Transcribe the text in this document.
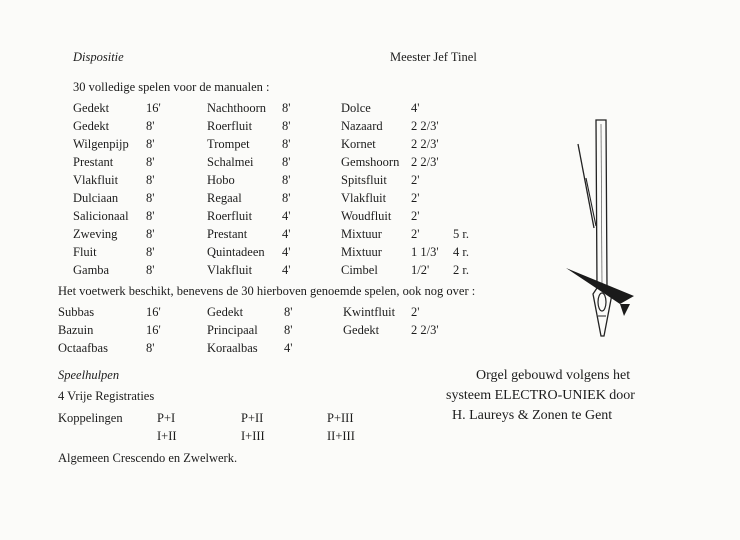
Dispositie	Meester Jef Tinel
30 volledige spelen voor de manualen :
Gedekt	16'	Nachthoorn 8'	Dolce	4'
Gedekt	8'	Roerfluit 8'	Nazaard 2 2/3'
Wilgenpijp 8'	Trompet	8'	Kornet	2 2/3'
Prestant	8'	Schalmei 8'	Gemshoorn 2 2/3'
Vlakfluit 8'	Hobo	8'	Spitsfluit 2'
Dulciaan 8'	Regaal	8'	Vlakfluit 2'
Salicionaal 8'	Roerfluit 4'	Woudfluit 2'
Zweving 8'	Prestant	4'	Mixtuur 2'	5 r.
Fluit	8'	Quintadeen 4'	Mixtuur 1 1/3' 4 r.
Gamba	8'	Vlakfluit 4'	Cimbel	1/2' 2 r.
Het voetwerk beschikt, benevens de 30 hierboven genoemde spelen, ook nog over :
Subbas	16'	Gedekt	8'	Kwintfluit 2'
Bazuin	16'	Principaal 8'	Gedekt	2 2/3'
Octaafbas	8'	Koraalbas 4'
Speelhulpen
4 Vrije Registraties
Koppelingen	P+I	P+II	P+III
I+II	I+III	II+III
Algemeen Crescendo en Zwelwerk.
Orgel gebouwd volgens het
systeem ELECTRO-UNIEK door
H. Laureys & Zonen te Gent
